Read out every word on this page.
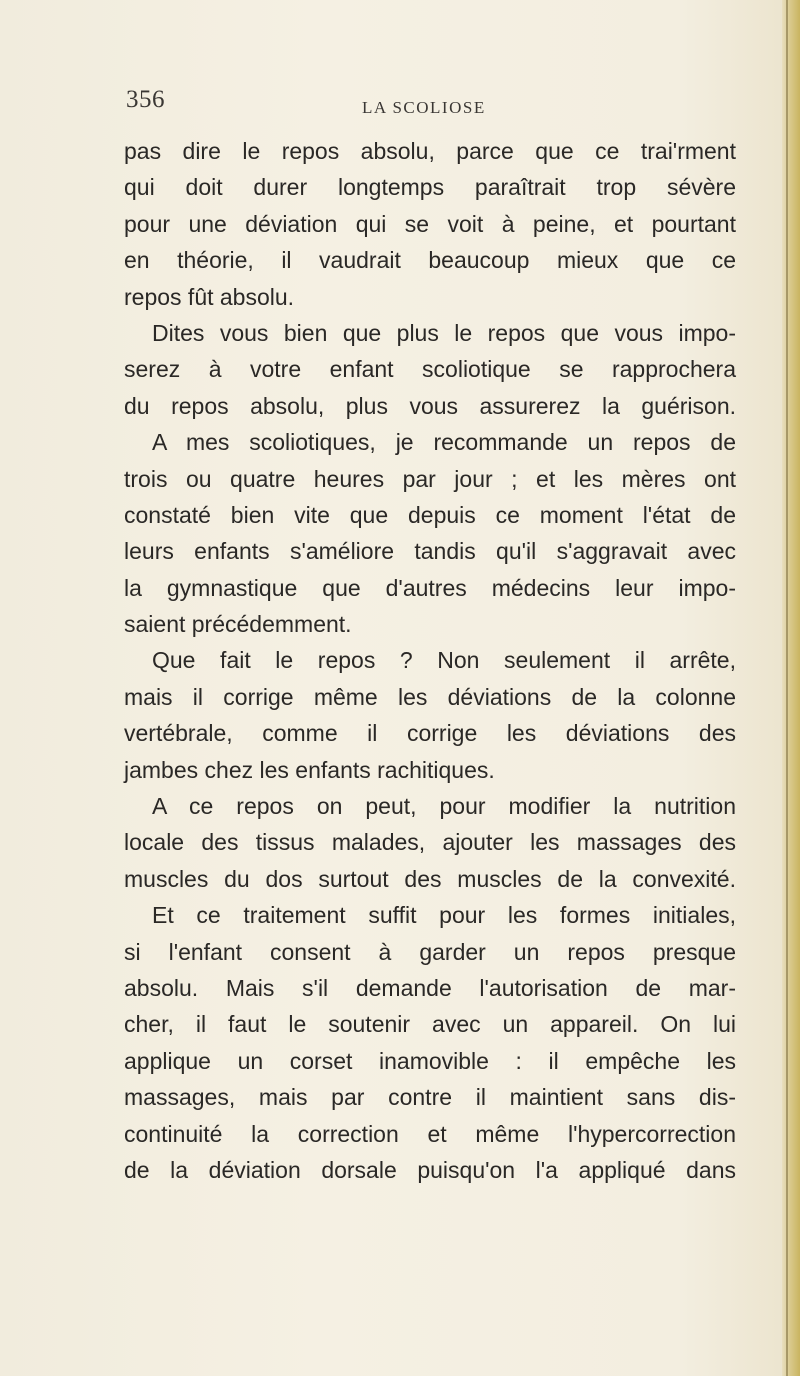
356	LA SCOLIOSE
pas dire le repos absolu, parce que ce trai'rment
qui doit durer longtemps paraîtrait trop sévère
pour une déviation qui se voit à peine, et pourtant
en théorie, il vaudrait beaucoup mieux que ce
repos fût absolu.
Dites vous bien que plus le repos que vous impo-
serez à votre enfant scoliotique se rapprochera
du repos absolu, plus vous assurerez la guérison.
A mes scoliotiques, je recommande un repos de
trois ou quatre heures par jour ; et les mères ont
constaté bien vite que depuis ce moment l'état de
leurs enfants s'améliore tandis qu'il s'aggravait avec
la gymnastique que d'autres médecins leur impo-
saient précédemment.
Que fait le repos ? Non seulement il arrête,
mais il corrige même les déviations de la colonne
vertébrale, comme il corrige les déviations des
jambes chez les enfants rachitiques.
A ce repos on peut, pour modifier la nutrition
locale des tissus malades, ajouter les massages des
muscles du dos surtout des muscles de la convexité.
Et ce traitement suffit pour les formes initiales,
si l'enfant consent à garder un repos presque
absolu. Mais s'il demande l'autorisation de mar-
cher, il faut le soutenir avec un appareil. On lui
applique un corset inamovible : il empêche les
massages, mais par contre il maintient sans dis-
continuité la correction et même l'hypercorrection
de la déviation dorsale puisqu'on l'a appliqué dans
